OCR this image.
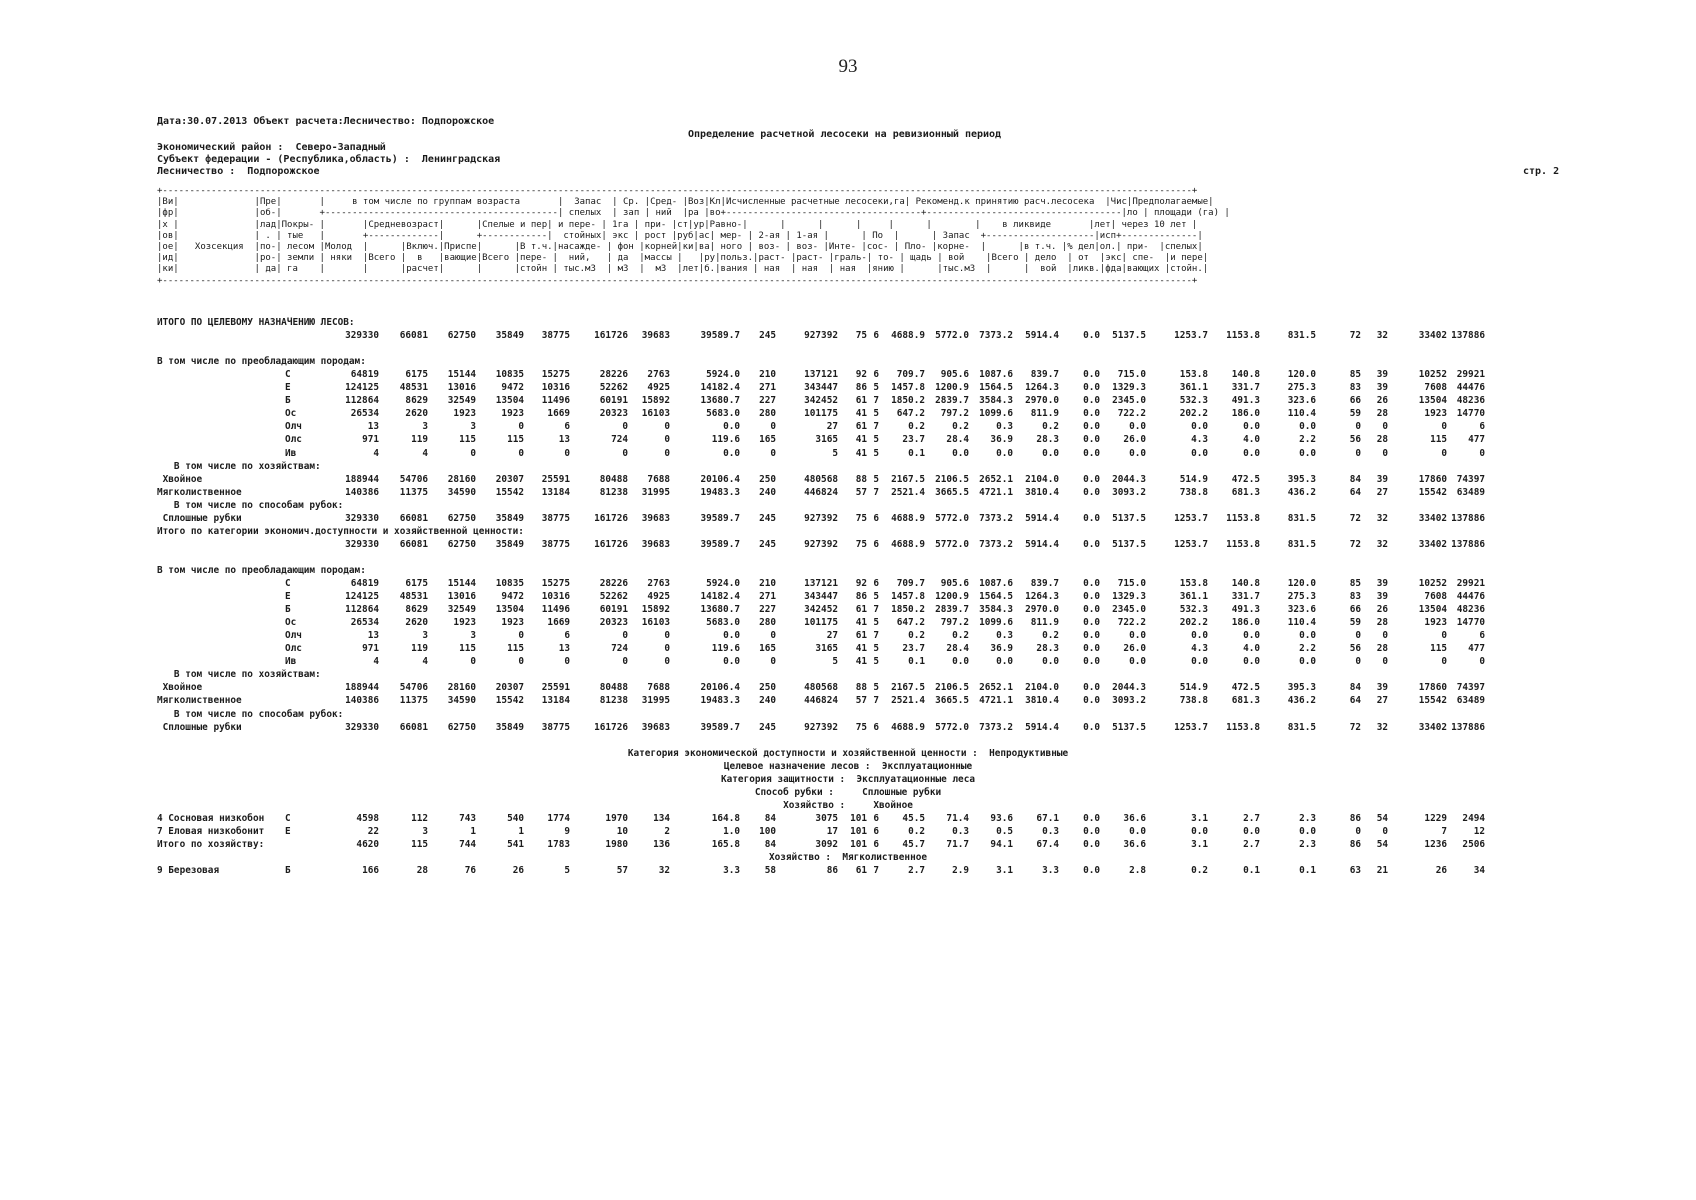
93
Дата:30.07.2013 Объект расчета:Лесничество: Подпорожское
Определение расчетной лесосеки на ревизионный период
Экономический район :  Северо-Западный
Субъект федерации - (Республика,область) :  Ленинградская
Лесничество :  Подпорожское	стр. 2
+----------------------------------------------------------------------------------------------------------------------------------------------------------------------------------------------+
|Ви|              |Пре|       |     в том числе по группам возраста       |  Запас  | Ср. |Сред- |Воз|Кл|Исчисленные расчетные лесосеки,га| Рекоменд.к принятию расч.лесосека  |Чис|Предполагаемые|
|фр|              |об-|       +-------------------------------------------| спелых  | зап | ний  |ра |во+------------------------------------+------------------------------------|ло | площади (га) |
|х |              |лад|Покры- |       |Средневозраст|      |Спелые и пер| и пере- | 1га | при- |ст|ур|Равно-|      |      |      |     |      |        |    в ликвиде       |лет| через 10 лет |
|ов|              | . | тые   |       +-------------|      +------------|  стойных| экс | рост |руб|ас| мер- | 2-ая | 1-ая |      | По  |      | Запас  +--------------------|исп+--------------|
|ое|   Хозсекция  |по-| лесом |Молод  |      |Включ.|Приспе|      |В т.ч.|насажде- | фон |корней|ки|ва| ного | воз- | воз- |Интe- |сос- | Пло- |корне-  |      |в т.ч. |% дел|ол.| при-  |спелых|
|ид|              |ро-| земли | няки  |Всего |  в   |вающие|Всего |пере- |  ний,   | да  |массы |   |ру|польз.|раст- |раст- |граль-| то- | щадь | вой    |Всего | дело  | от  |экс| спе-  |и пере|
|ки|              | да| га    |       |      |расчет|      |      |стойн | тыс.м3  | м3  |  м3  |лет|б.|вания | ная  | ная  | ная  |янию |      |тыс.м3  |      |  вой  |ликв.|фда|вающих |стойн.|
+----------------------------------------------------------------------------------------------------------------------------------------------------------------------------------------------+
ИТОГО ПО ЦЕЛЕВОМУ НАЗНАЧЕНИЮ ЛЕСОВ:
329330	66081	62750	35849	38775	161726	39683	39589.7	245	927392	75 6	4688.9	5772.0	7373.2	5914.4	0.0	5137.5	1253.7	1153.8	831.5	72	32	33402 137886
В том числе по преобладающим породам:
С	64819	6175	15144	10835	15275	28226	2763	5924.0	210	137121	92 6	709.7	905.6	1087.6	839.7	0.0	715.0	153.8	140.8	120.0	85	39	10252	29921
Е	124125	48531	13016	9472	10316	52262	4925	14182.4	271	343447	86 5	1457.8	1200.9	1564.5	1264.3	0.0	1329.3	361.1	331.7	275.3	83	39	7608	44476
Б	112864	8629	32549	13504	11496	60191	15892	13680.7	227	342452	61 7	1850.2	2839.7	3584.3	2970.0	0.0	2345.0	532.3	491.3	323.6	66	26	13504	48236
Ос	26534	2620	1923	1923	1669	20323	16103	5683.0	280	101175	41 5	647.2	797.2	1099.6	811.9	0.0	722.2	202.2	186.0	110.4	59	28	1923	14770
Олч	13	3	3	0	6	0	0	0.0	0	27	61 7	0.2	0.2	0.3	0.2	0.0	0.0	0.0	0.0	0.0	0	0	0	6
Олс	971	119	115	115	13	724	0	119.6	165	3165	41 5	23.7	28.4	36.9	28.3	0.0	26.0	4.3	4.0	2.2	56	28	115	477
Ив	4	4	0	0	0	0	0	0.0	0	5	41 5	0.1	0.0	0.0	0.0	0.0	0.0	0.0	0.0	0.0	0	0	0	0
В том числе по хозяйствам:
Хвойное	188944	54706	28160	20307	25591	80488	7688	20106.4	250	480568	88 5	2167.5	2106.5	2652.1	2104.0	0.0	2044.3	514.9	472.5	395.3	84	39	17860	74397
Мягколиственное	140386	11375	34590	15542	13184	81238	31995	19483.3	240	446824	57 7	2521.4	3665.5	4721.1	3810.4	0.0	3093.2	738.8	681.3	436.2	64	27	15542	63489
В том числе по способам рубок:
Сплошные рубки	329330	66081	62750	35849	38775	161726	39683	39589.7	245	927392	75 6	4688.9	5772.0	7373.2	5914.4	0.0	5137.5	1253.7	1153.8	831.5	72	32	33402 137886
Итого по категории экономич.доступности и хозяйственной ценности:
329330	66081	62750	35849	38775	161726	39683	39589.7	245	927392	75 6	4688.9	5772.0	7373.2	5914.4	0.0	5137.5	1253.7	1153.8	831.5	72	32	33402 137886
В том числе по преобладающим породам:
С	64819	6175	15144	10835	15275	28226	2763	5924.0	210	137121	92 6	709.7	905.6	1087.6	839.7	0.0	715.0	153.8	140.8	120.0	85	39	10252	29921
Е	124125	48531	13016	9472	10316	52262	4925	14182.4	271	343447	86 5	1457.8	1200.9	1564.5	1264.3	0.0	1329.3	361.1	331.7	275.3	83	39	7608	44476
Б	112864	8629	32549	13504	11496	60191	15892	13680.7	227	342452	61 7	1850.2	2839.7	3584.3	2970.0	0.0	2345.0	532.3	491.3	323.6	66	26	13504	48236
Ос	26534	2620	1923	1923	1669	20323	16103	5683.0	280	101175	41 5	647.2	797.2	1099.6	811.9	0.0	722.2	202.2	186.0	110.4	59	28	1923	14770
Олч	13	3	3	0	6	0	0	0.0	0	27	61 7	0.2	0.2	0.3	0.2	0.0	0.0	0.0	0.0	0.0	0	0	0	6
Олс	971	119	115	115	13	724	0	119.6	165	3165	41 5	23.7	28.4	36.9	28.3	0.0	26.0	4.3	4.0	2.2	56	28	115	477
Ив	4	4	0	0	0	0	0	0.0	0	5	41 5	0.1	0.0	0.0	0.0	0.0	0.0	0.0	0.0	0.0	0	0	0	0
В том числе по хозяйствам:
Хвойное	188944	54706	28160	20307	25591	80488	7688	20106.4	250	480568	88 5	2167.5	2106.5	2652.1	2104.0	0.0	2044.3	514.9	472.5	395.3	84	39	17860	74397
Мягколиственное	140386	11375	34590	15542	13184	81238	31995	19483.3	240	446824	57 7	2521.4	3665.5	4721.1	3810.4	0.0	3093.2	738.8	681.3	436.2	64	27	15542	63489
В том числе по способам рубок:
Сплошные рубки	329330	66081	62750	35849	38775	161726	39683	39589.7	245	927392	75 6	4688.9	5772.0	7373.2	5914.4	0.0	5137.5	1253.7	1153.8	831.5	72	32	33402 137886
Категория экономической доступности и хозяйственной ценности :  Непродуктивные
Целевое назначение лесов :  Эксплуатационные
Категория защитности :  Эксплуатационные леса
Способ рубки :     Сплошные рубки
Хозяйство :     Хвойное
4 Сосновая низкобон	С	4598	112	743	540	1774	1970	134	164.8	84	3075	101 6	45.5	71.4	93.6	67.1	0.0	36.6	3.1	2.7	2.3	86	54	1229	2494
7 Еловая низкобонит	Е	22	3	1	1	9	10	2	1.0	100	17	101 6	0.2	0.3	0.5	0.3	0.0	0.0	0.0	0.0	0.0	0	0	7	12
Итого по хозяйству:	4620	115	744	541	1783	1980	136	165.8	84	3092	101 6	45.7	71.7	94.1	67.4	0.0	36.6	3.1	2.7	2.3	86	54	1236	2506
Хозяйство :  Мягколиственное
9 Березовая	Б	166	28	76	26	5	57	32	3.3	58	86	61 7	2.7	2.9	3.1	3.3	0.0	2.8	0.2	0.1	0.1	63	21	26	34
